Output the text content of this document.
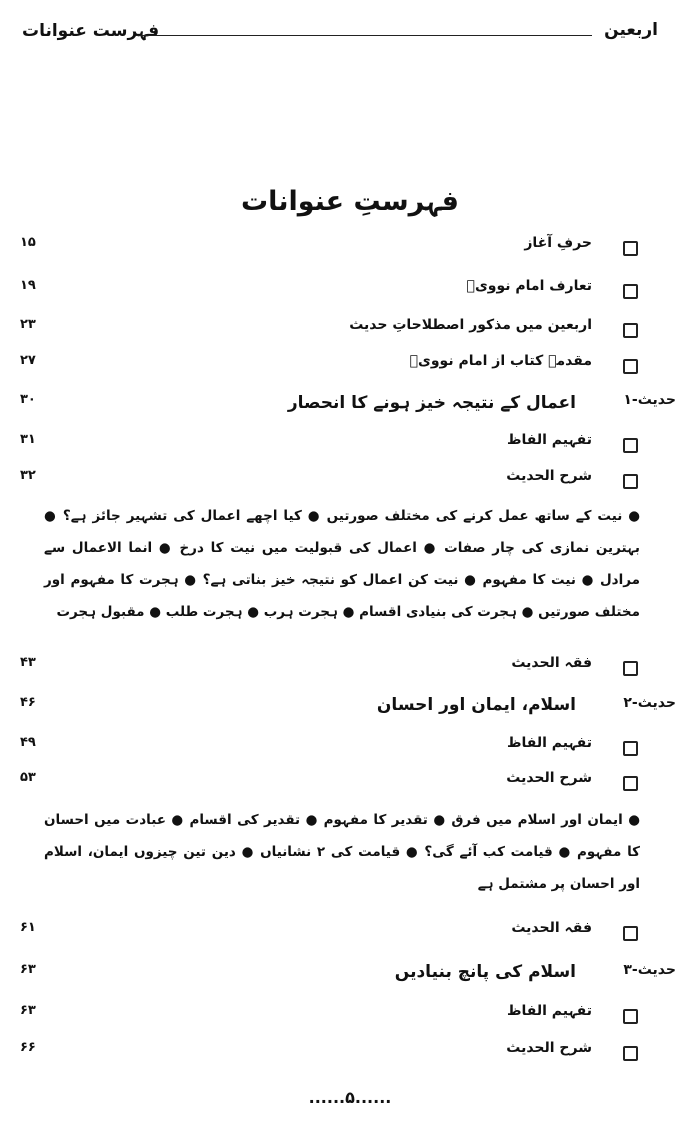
فہرست عنوانات	اربعین
فہرستِ عنوانات
حرفِ آغاز
۱۵
تعارف امام نوویؒ
۱۹
اربعین میں مذکور اصطلاحاتِ حدیث
۲۳
مقدمہ کتاب از امام نوویؒ
۲۷
حدیث-۱
اعمال کے نتیجہ خیز ہونے کا انحصار
۳۰
تفہیم الفاظ
۳۱
شرح الحدیث
۳۲
● نیت کے ساتھ عمل کرنے کی مختلف صورتیں ● کیا اچھے اعمال کی تشہیر جائز ہے؟ ● بہترین نمازی کی چار صفات ● اعمال کی قبولیت میں نیت کا درخ ● انما الاعمال سے مرادل ● نیت کا مفہوم ● نیت کن اعمال کو نتیجہ خیز بناتی ہے؟ ● ہجرت کا مفہوم اور مختلف صورتیں ● ہجرت کی بنیادی اقسام ● ہجرت ہرب ● ہجرت طلب ● مقبول ہجرت
فقہ الحدیث
۴۳
حدیث-۲
اسلام، ایمان اور احسان
۴۶
تفہیم الفاظ
۴۹
شرح الحدیث
۵۳
● ایمان اور اسلام میں فرق ● تقدیر کا مفہوم ● تقدیر کی اقسام ● عبادت میں احسان کا مفہوم ● قیامت کب آئے گی؟ ● قیامت کی ۲ نشانیاں ● دین تین چیزوں ایمان، اسلام اور احسان پر مشتمل ہے
فقہ الحدیث
۶۱
حدیث-۳
اسلام کی پانچ بنیادیں
۶۳
تفہیم الفاظ
۶۳
شرح الحدیث
۶۶
......۵......
